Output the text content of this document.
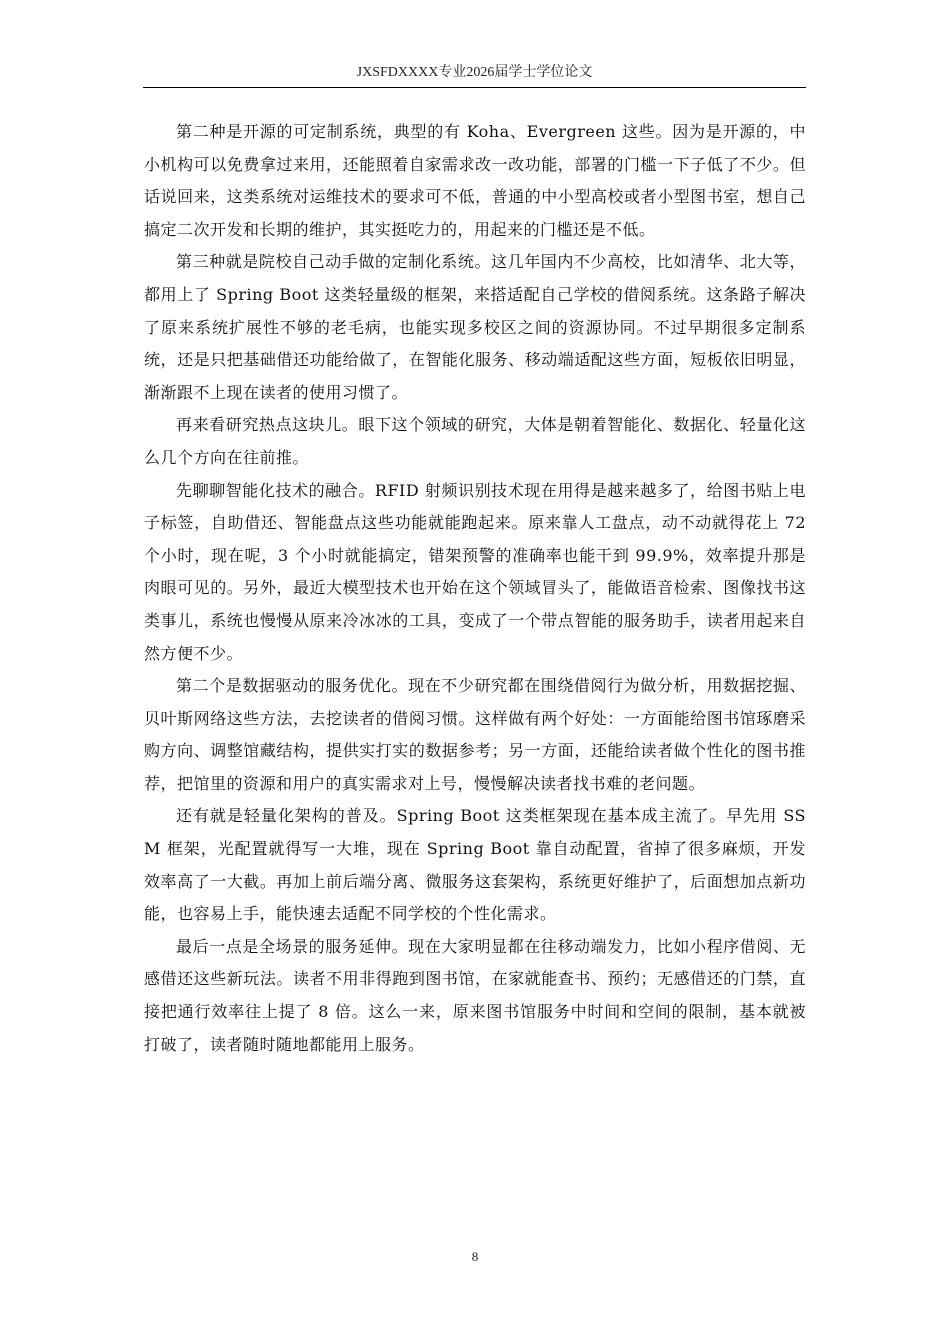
JXSFDXXXX专业2026届学士学位论文

第二种是开源的可定制系统，典型的有 Koha、Evergreen 这些。因为是开源的，中小机构可以免费拿过来用，还能照着自家需求改一改功能，部署的门槛一下子低了不少。但话说回来，这类系统对运维技术的要求可不低，普通的中小型高校或者小型图书室，想自己搞定二次开发和长期的维护，其实挺吃力的，用起来的门槛还是不低。

第三种就是院校自己动手做的定制化系统。这几年国内不少高校，比如清华、北大等，都用上了 Spring Boot 这类轻量级的框架，来搭适配自己学校的借阅系统。这条路子解决了原来系统扩展性不够的老毛病，也能实现多校区之间的资源协同。不过早期很多定制系统，还是只把基础借还功能给做了，在智能化服务、移动端适配这些方面，短板依旧明显，渐渐跟不上现在读者的使用习惯了。

再来看研究热点这块儿。眼下这个领域的研究，大体是朝着智能化、数据化、轻量化这么几个方向在往前推。

先聊聊智能化技术的融合。RFID 射频识别技术现在用得是越来越多了，给图书贴上电子标签，自助借还、智能盘点这些功能就能跑起来。原来靠人工盘点，动不动就得花上 72 个小时，现在呢，3 个小时就能搞定，错架预警的准确率也能干到 99.9%，效率提升那是肉眼可见的。另外，最近大模型技术也开始在这个领域冒头了，能做语音检索、图像找书这类事儿，系统也慢慢从原来冷冰冰的工具，变成了一个带点智能的服务助手，读者用起来自然方便不少。

第二个是数据驱动的服务优化。现在不少研究都在围绕借阅行为做分析，用数据挖掘、贝叶斯网络这些方法，去挖读者的借阅习惯。这样做有两个好处：一方面能给图书馆琢磨采购方向、调整馆藏结构，提供实打实的数据参考；另一方面，还能给读者做个性化的图书推荐，把馆里的资源和用户的真实需求对上号，慢慢解决读者找书难的老问题。

还有就是轻量化架构的普及。Spring Boot 这类框架现在基本成主流了。早先用 SSM 框架，光配置就得写一大堆，现在 Spring Boot 靠自动配置，省掉了很多麻烦，开发效率高了一大截。再加上前后端分离、微服务这套架构，系统更好维护了，后面想加点新功能，也容易上手，能快速去适配不同学校的个性化需求。

最后一点是全场景的服务延伸。现在大家明显都在往移动端发力，比如小程序借阅、无感借还这些新玩法。读者不用非得跑到图书馆，在家就能查书、预约；无感借还的门禁，直接把通行效率往上提了 8 倍。这么一来，原来图书馆服务中时间和空间的限制，基本就被打破了，读者随时随地都能用上服务。

8
